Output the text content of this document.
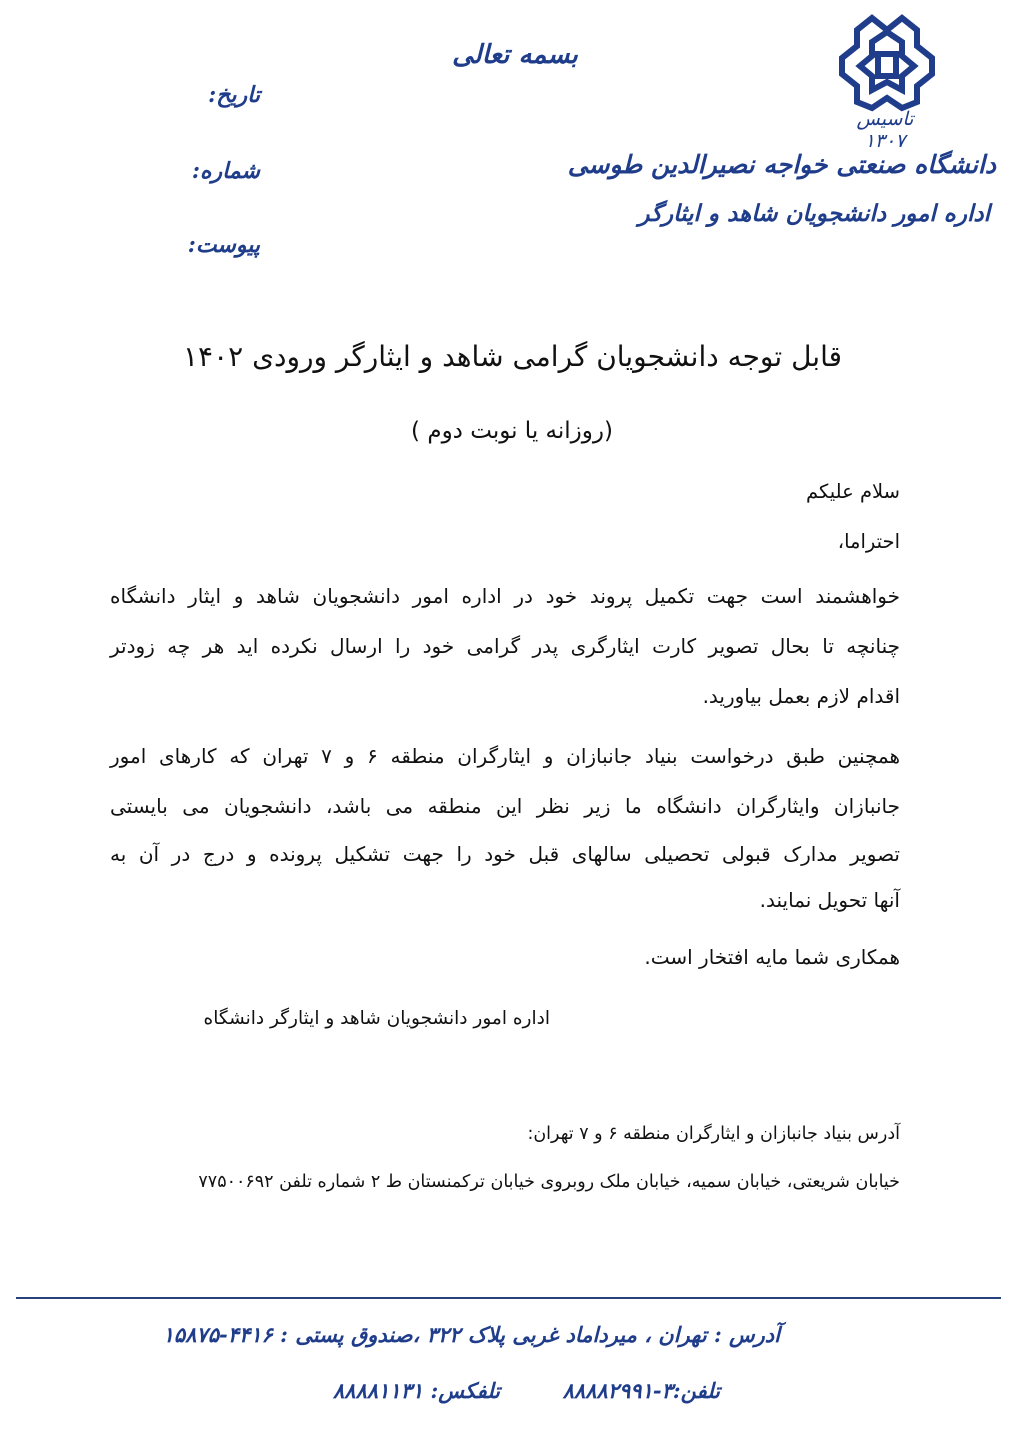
تاسیس ۱۳۰۷
دانشگاه صنعتی خواجه نصیرالدین طوسی
اداره امور دانشجویان شاهد و ایثارگر
بسمه تعالی
تاریخ:
شماره:
پیوست:
قابل توجه دانشجویان گرامی شاهد و ایثارگر ورودی ۱۴۰۲
(روزانه یا نوبت دوم )
سلام علیکم
احتراما،
خواهشمند است جهت تکمیل پروند خود در اداره امور دانشجویان شاهد و ایثار دانشگاه
چنانچه تا بحال تصویر کارت ایثارگری پدر گرامی خود را ارسال نکرده اید هر چه زودتر
اقدام لازم بعمل بیاورید.
همچنین طبق درخواست بنیاد جانبازان و ایثارگران منطقه ۶ و ۷ تهران که کارهای امور
جانبازان وایثارگران دانشگاه ما زیر نظر این منطقه می باشد، دانشجویان می بایستی
تصویر مدارک قبولی تحصیلی سالهای قبل خود را جهت تشکیل پرونده و درج در آن به
آنها تحویل نمایند.
همکاری شما مایه افتخار است.
اداره امور دانشجویان شاهد و ایثارگر دانشگاه
آدرس بنیاد جانبازان و ایثارگران منطقه ۶ و ۷ تهران:
خیابان شریعتی، خیابان سمیه، خیابان ملک روبروی خیابان ترکمنستان ط ۲ شماره تلفن ۷۷۵۰۰۶۹۲
آدرس : تهران ، میرداماد غربی پلاک ۳۲۲ ،صندوق پستی : ۴۴۱۶-۱۵۸۷۵
تلفن:۳-۸۸۸۸۲۹۹۱
تلفکس: ۸۸۸۸۱۱۳۱
